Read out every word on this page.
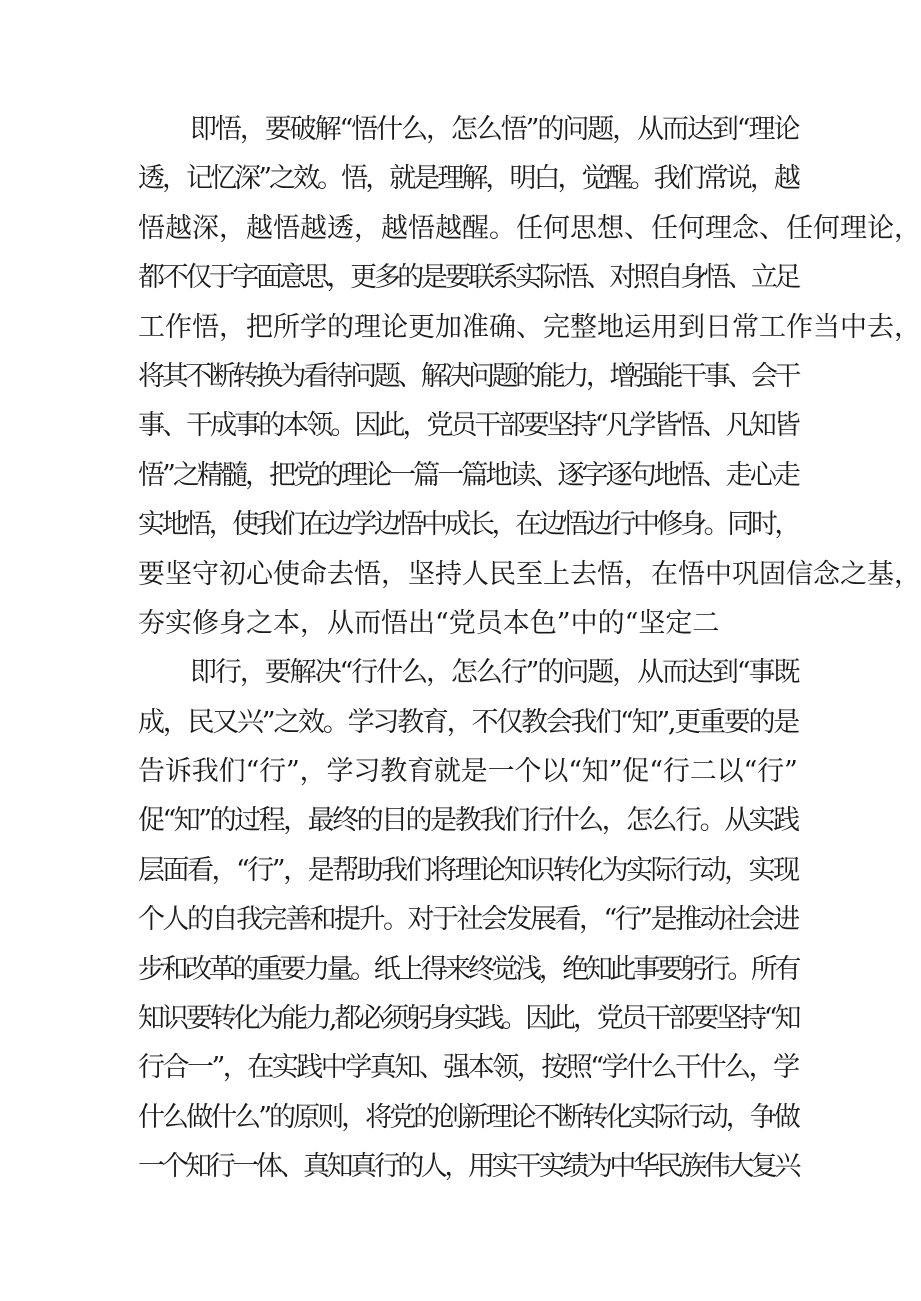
即悟，要破解“悟什么，怎么悟”的问题，从而达到“理论
透，记忆深”之效。悟，就是理解，明白，觉醒。我们常说，越
悟越深，越悟越透，越悟越醒。任何思想、任何理念、任何理论，
都不仅于字面意思，更多的是要联系实际悟、对照自身悟、立足
工作悟，把所学的理论更加准确、完整地运用到日常工作当中去，
将其不断转换为看待问题、解决问题的能力，增强能干事、会干
事、干成事的本领。因此，党员干部要坚持“凡学皆悟、凡知皆
悟”之精髓，把党的理论一篇一篇地读、逐字逐句地悟、走心走
实地悟，使我们在边学边悟中成长，在边悟边行中修身。同时，
要坚守初心使命去悟，坚持人民至上去悟，在悟中巩固信念之基，
夯实修身之本，从而悟出“党员本色”中的“坚定二
即行，要解决“行什么，怎么行”的问题，从而达到“事既
成，民又兴”之效。学习教育，不仅教会我们“知”,更重要的是
告诉我们“行”，学习教育就是一个以“知”促“行二以“行”
促“知”的过程，最终的目的是教我们行什么，怎么行。从实践
层面看，“行”，是帮助我们将理论知识转化为实际行动，实现
个人的自我完善和提升。对于社会发展看，“行”是推动社会进
步和改革的重要力量。纸上得来终觉浅，绝知此事要躬行。所有
知识要转化为能力,都必须躬身实践。因此，党员干部要坚持“知
行合一”，在实践中学真知、强本领，按照“学什么干什么，学
什么做什么”的原则，将党的创新理论不断转化实际行动，争做
一个知行一体、真知真行的人，用实干实绩为中华民族伟大复兴
